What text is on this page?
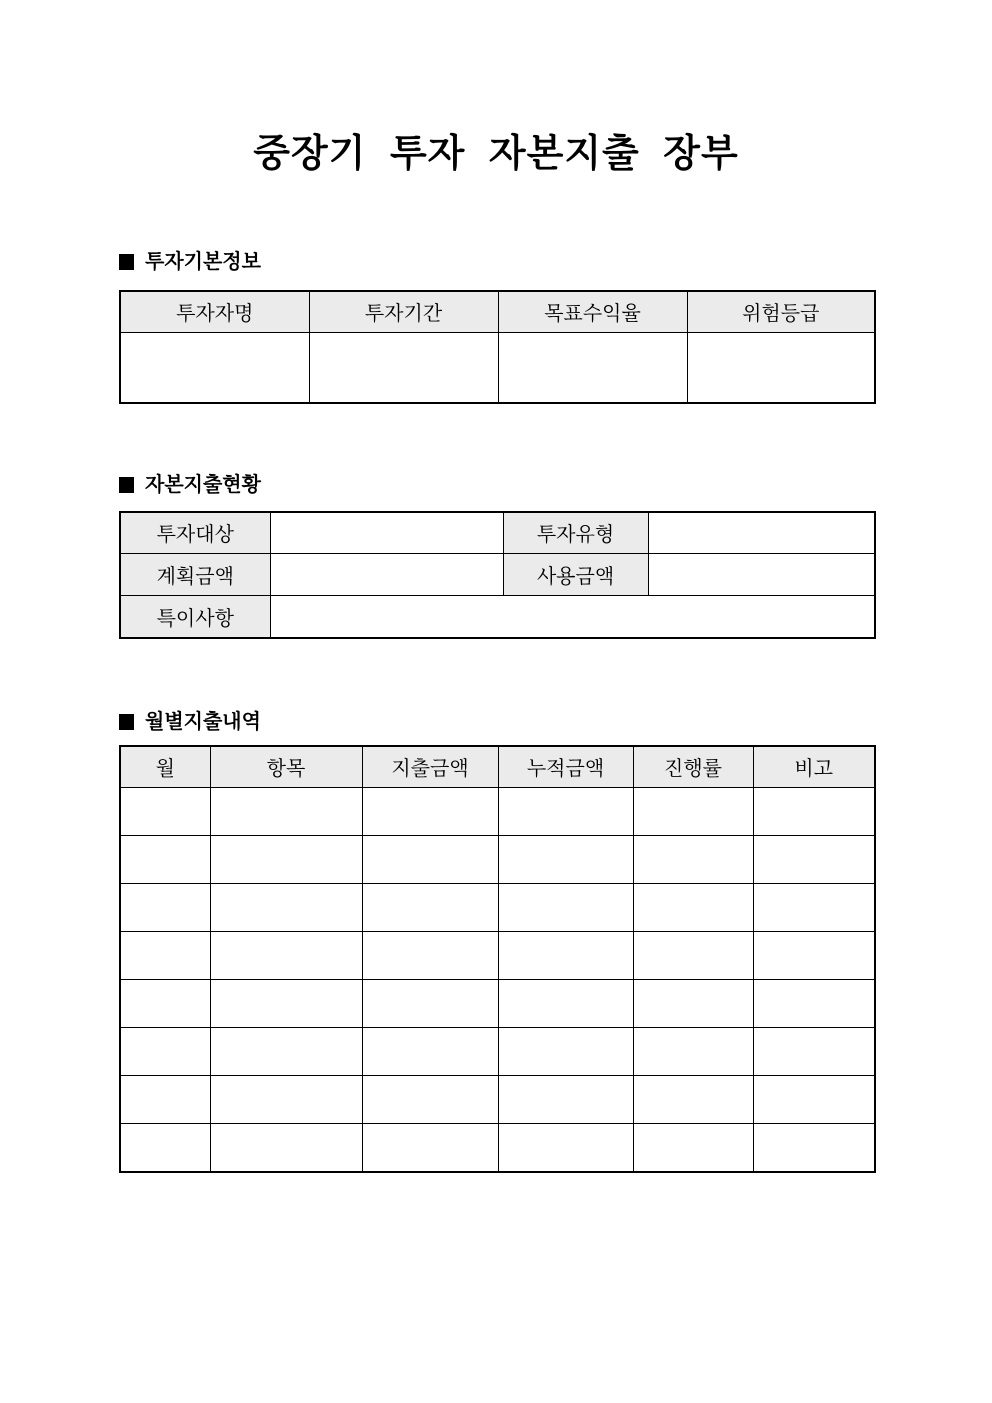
중장기 투자 자본지출 장부
투자기본정보
투자자명	투자기간	목표수익율	위험등급

자본지출현황
투자대상		투자유형	
계획금액		사용금액	
특이사항			
월별지출내역
월	항목	지출금액	누적금액	진행률	비고
